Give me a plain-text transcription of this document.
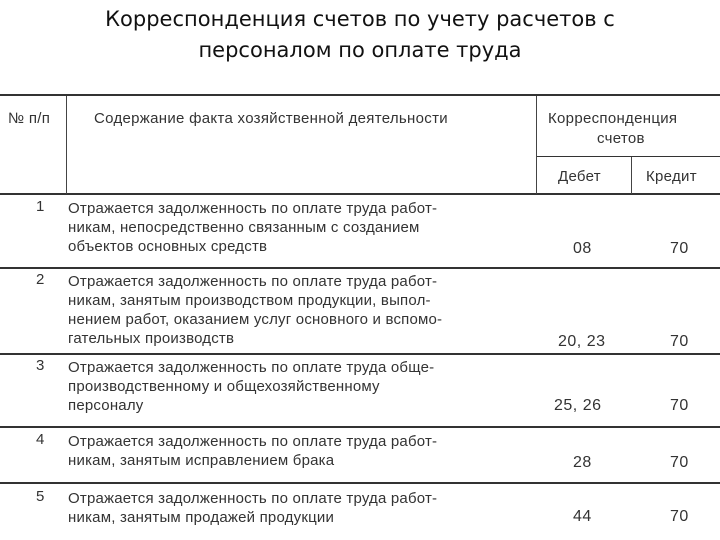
Корреспонденция счетов по учету расчетов с
персоналом по оплате труда
№ п/п	Содержание факта хозяйственной деятельности	Корреспонденция
счетов
Дебет	Кредит
1 Отражается задолженность по оплате труда работ-
никам, непосредственно связанным с созданием
объектов основных средств	08	70
2 Отражается задолженность по оплате труда работ-
никам, занятым производством продукции, выпол-
нением работ, оказанием услуг основного и вспомо-
гательных производств	20, 23	70
3 Отражается задолженность по оплате труда обще-
производственному и общехозяйственному
персоналу	25, 26	70
4 Отражается задолженность по оплате труда работ-
никам, занятым исправлением брака	28	70
5 Отражается задолженность по оплате труда работ-
никам, занятым продажей продукции	44	70
